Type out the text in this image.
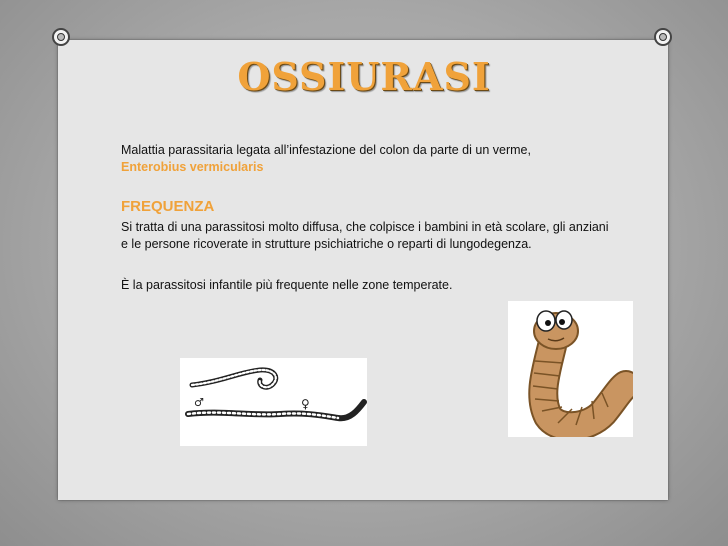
OSSIURASI
Malattia parassitaria legata all’infestazione del colon da parte di un verme,
Enterobius vermicularis
FREQUENZA
Si tratta di una parassitosi molto diffusa, che colpisce i bambini in età scolare, gli anziani e le persone ricoverate in strutture psichiatriche o reparti di lungodegenza.
È la parassitosi infantile più frequente nelle zone temperate.
♂	♀
